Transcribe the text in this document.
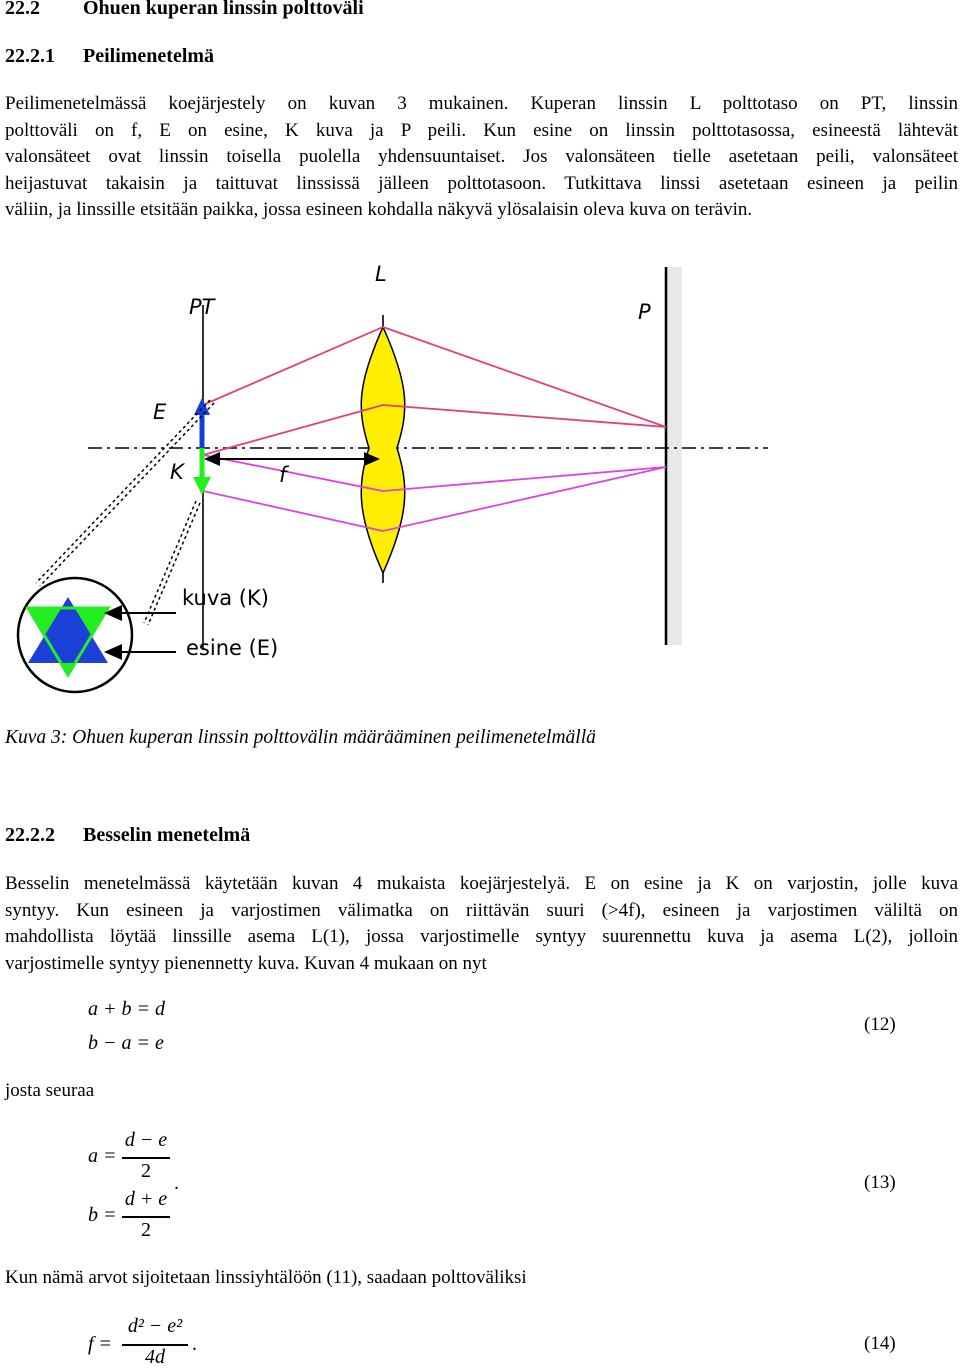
22.2 Ohuen kuperan linssin polttoväli
22.2.1 Peilimenetelmä
Peilimenetelmässä koejärjestely on kuvan 3 mukainen. Kuperan linssin L polttotaso on PT, linssin
polttoväli on f, E on esine, K kuva ja P peili. Kun esine on linssin polttotasossa, esineestä lähtevät
valonsäteet ovat linssin toisella puolella yhdensuuntaiset. Jos valonsäteen tielle asetetaan peili, valonsäteet
heijastuvat takaisin ja taittuvat linssissä jälleen polttotasoon. Tutkittava linssi asetetaan esineen ja peilin
väliin, ja linssille etsitään paikka, jossa esineen kohdalla näkyvä ylösalaisin oleva kuva on terävin.
L
PT	P
E
K	f
kuva (K)
esine (E)
Kuva 3: Ohuen kuperan linssin polttovälin määrääminen peilimenetelmällä
22.2.2 Besselin menetelmä
Besselin menetelmässä käytetään kuvan 4 mukaista koejärjestelyä. E on esine ja K on varjostin, jolle kuva
syntyy. Kun esineen ja varjostimen välimatka on riittävän suuri (>4f), esineen ja varjostimen väliltä on
mahdollista löytää linssille asema L(1), jossa varjostimelle syntyy suurennettu kuva ja asema L(2), jolloin
varjostimelle syntyy pienennetty kuva. Kuvan 4 mukaan on nyt
a + b = d
b − a = e
(12)
josta seuraa
a =
d − e
2
b =
d + e
2
.	(13)
Kun nämä arvot sijoitetaan linssiyhtälöön (11), saadaan polttoväliksi
f =
d² − e²
4d
.	(14)
